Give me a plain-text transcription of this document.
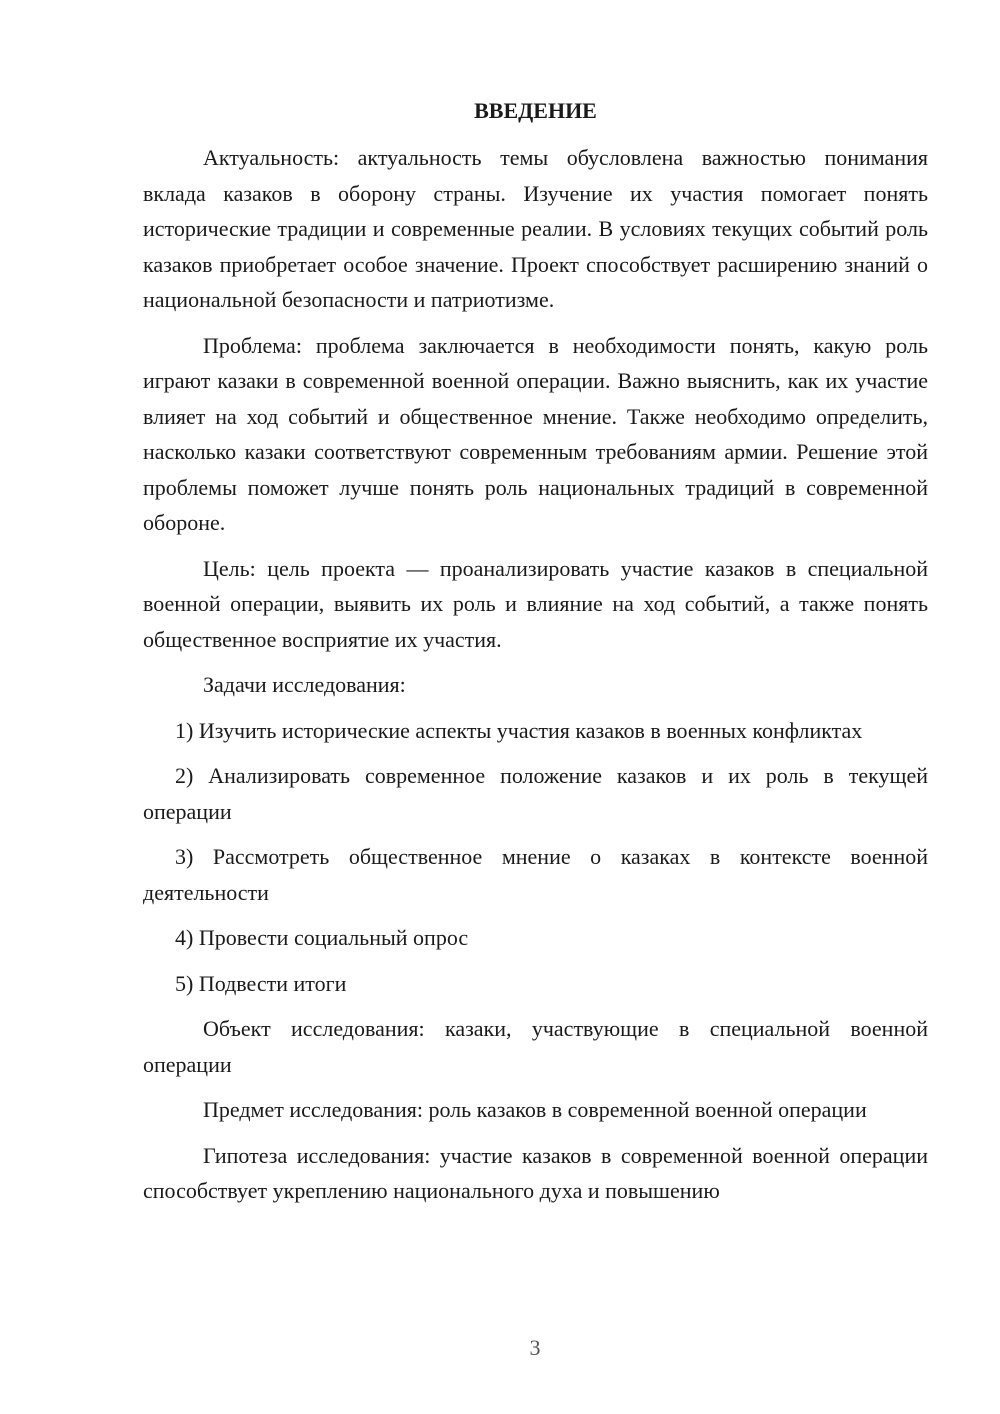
ВВЕДЕНИЕ

Актуальность: актуальность темы обусловлена важностью понимания вклада казаков в оборону страны. Изучение их участия помогает понять исторические традиции и современные реалии. В условиях текущих событий роль казаков приобретает особое значение. Проект способствует расширению знаний о национальной безопасности и патриотизме.

Проблема: проблема заключается в необходимости понять, какую роль играют казаки в современной военной операции. Важно выяснить, как их участие влияет на ход событий и общественное мнение. Также необходимо определить, насколько казаки соответствуют современным требованиям армии. Решение этой проблемы поможет лучше понять роль национальных традиций в современной обороне.

Цель: цель проекта — проанализировать участие казаков в специальной военной операции, выявить их роль и влияние на ход событий, а также понять общественное восприятие их участия.

Задачи исследования:

1) Изучить исторические аспекты участия казаков в военных конфликтах

2) Анализировать современное положение казаков и их роль в текущей операции

3) Рассмотреть общественное мнение о казаках в контексте военной деятельности

4) Провести социальный опрос

5) Подвести итоги

Объект исследования: казаки, участвующие в специальной военной операции

Предмет исследования: роль казаков в современной военной операции

Гипотеза исследования: участие казаков в современной военной операции способствует укреплению национального духа и повышению

3
